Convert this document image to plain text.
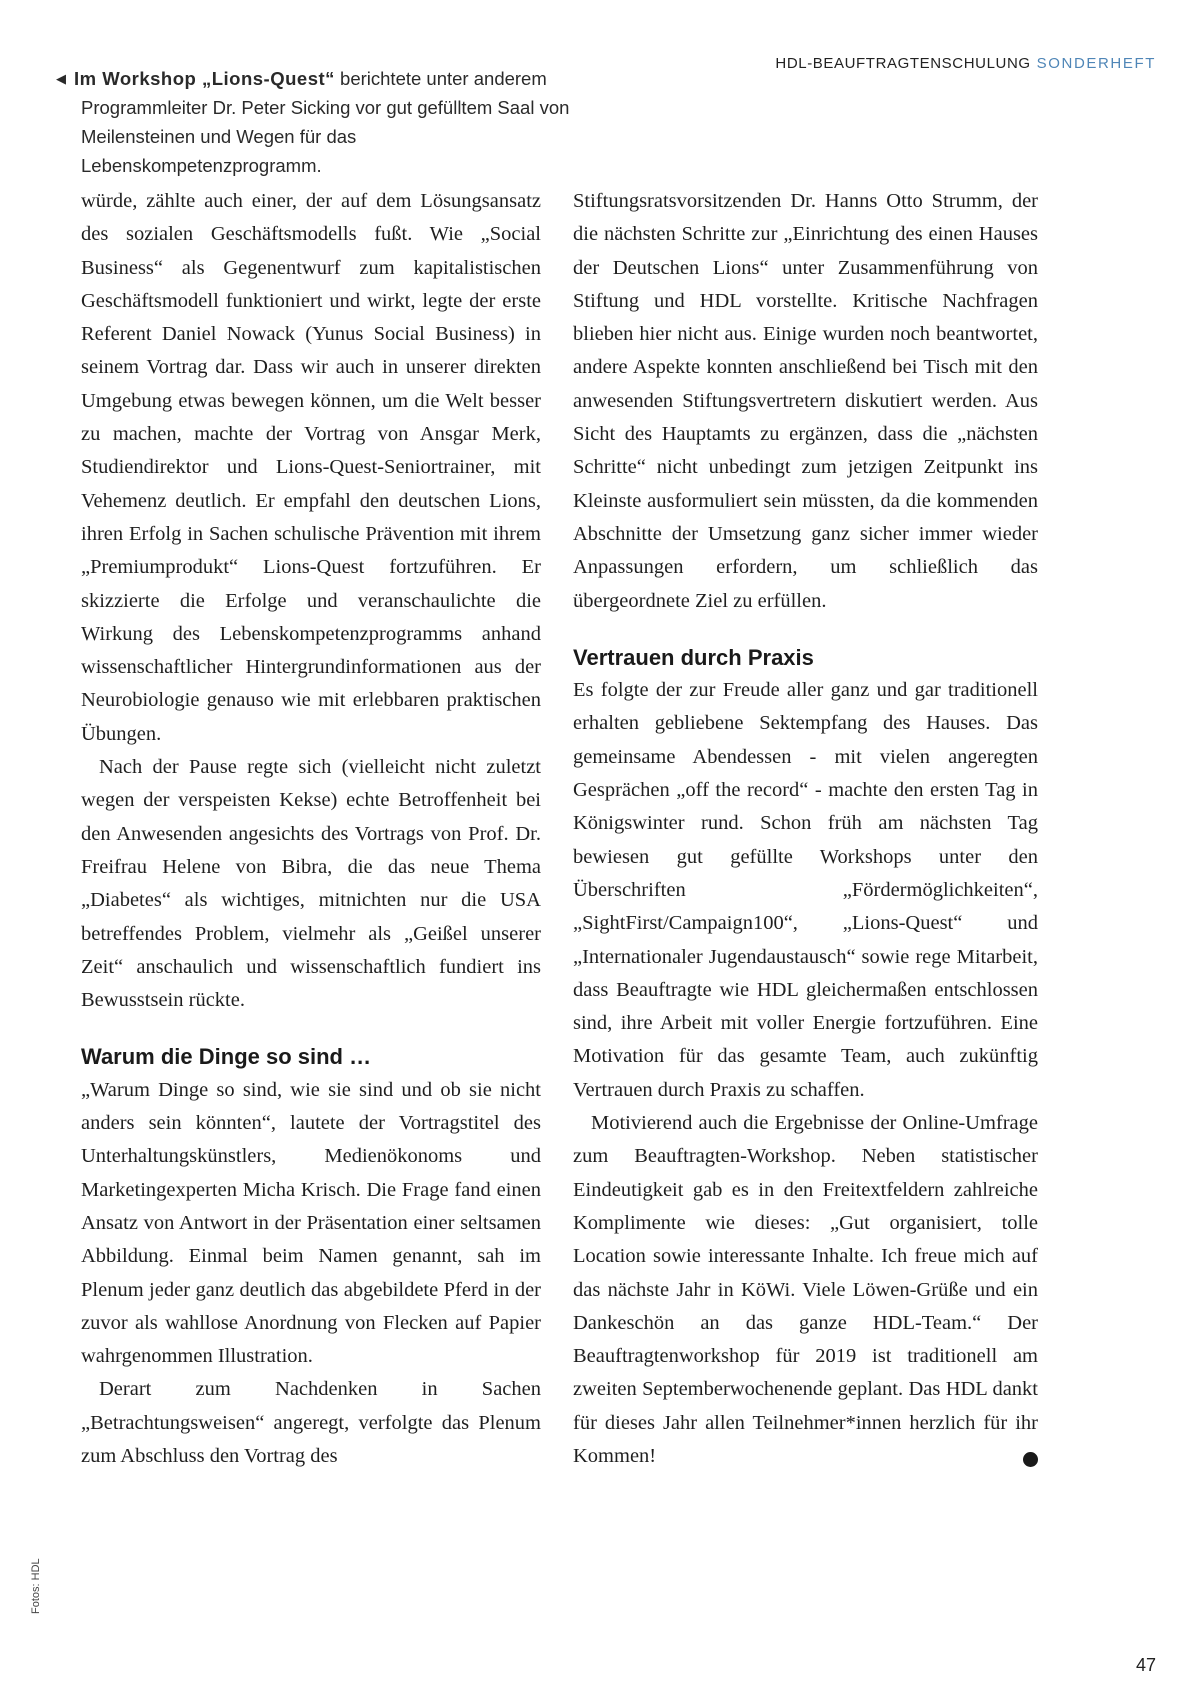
HDL-BEAUFTRAGTENSCHULUNG SONDERHEFT
◀ Im Workshop „Lions-Quest“ berichtete unter anderem
Programmleiter Dr. Peter Sicking vor gut gefülltem Saal von
Meilensteinen und Wegen für das Lebenskompetenzprogramm.

würde, zählte auch einer, der auf dem Lösungsansatz des sozialen Geschäftsmodells fußt. Wie „Social Business“ als Gegenentwurf zum kapitalistischen Geschäftsmodell funktioniert und wirkt, legte der erste Referent Daniel Nowack (Yunus Social Business) in seinem Vortrag dar. Dass wir auch in unserer direkten Umgebung etwas bewegen können, um die Welt besser zu machen, machte der Vortrag von Ansgar Merk, Studiendirektor und Lions-Quest-Seniortrainer, mit Vehemenz deutlich. Er empfahl den deutschen Lions, ihren Erfolg in Sachen schulische Prävention mit ihrem „Premiumprodukt“ Lions-Quest fortzuführen. Er skizzierte die Erfolge und veranschaulichte die Wirkung des Lebenskompetenzprogramms anhand wissenschaftlicher Hintergrundinformationen aus der Neurobiologie genauso wie mit erlebbaren praktischen Übungen.

Nach der Pause regte sich (vielleicht nicht zuletzt wegen der verspeisten Kekse) echte Betroffenheit bei den Anwesenden angesichts des Vortrags von Prof. Dr. Freifrau Helene von Bibra, die das neue Thema „Diabetes“ als wichtiges, mitnichten nur die USA betreffendes Problem, vielmehr als „Geißel unserer Zeit“ anschaulich und wissenschaftlich fundiert ins Bewusstsein rückte.

Warum die Dinge so sind …

„Warum Dinge so sind, wie sie sind und ob sie nicht anders sein könnten“, lautete der Vortragstitel des Unterhaltungskünstlers, Medienökonoms und Marketingexperten Micha Krisch. Die Frage fand einen Ansatz von Antwort in der Präsentation einer seltsamen Abbildung. Einmal beim Namen genannt, sah im Plenum jeder ganz deutlich das abgebildete Pferd in der zuvor als wahllose Anordnung von Flecken auf Papier wahrgenommen Illustration.

Derart zum Nachdenken in Sachen „Betrachtungsweisen“ angeregt, verfolgte das Plenum zum Abschluss den Vortrag des

Stiftungsratsvorsitzenden Dr. Hanns Otto Strumm, der die nächsten Schritte zur „Einrichtung des einen Hauses der Deutschen Lions“ unter Zusammenführung von Stiftung und HDL vorstellte. Kritische Nachfragen blieben hier nicht aus. Einige wurden noch beantwortet, andere Aspekte konnten anschließend bei Tisch mit den anwesenden Stiftungsvertretern diskutiert werden. Aus Sicht des Hauptamts zu ergänzen, dass die „nächsten Schritte“ nicht unbedingt zum jetzigen Zeitpunkt ins Kleinste ausformuliert sein müssten, da die kommenden Abschnitte der Umsetzung ganz sicher immer wieder Anpassungen erfordern, um schließlich das übergeordnete Ziel zu erfüllen.

Vertrauen durch Praxis

Es folgte der zur Freude aller ganz und gar traditionell erhalten gebliebene Sektempfang des Hauses. Das gemeinsame Abendessen - mit vielen angeregten Gesprächen „off the record“ - machte den ersten Tag in Königswinter rund. Schon früh am nächsten Tag bewiesen gut gefüllte Workshops unter den Überschriften „Fördermöglichkeiten“, „SightFirst/Campaign100“, „Lions-Quest“ und „Internationaler Jugendaustausch“ sowie rege Mitarbeit, dass Beauftragte wie HDL gleichermaßen entschlossen sind, ihre Arbeit mit voller Energie fortzuführen. Eine Motivation für das gesamte Team, auch zukünftig Vertrauen durch Praxis zu schaffen.

Motivierend auch die Ergebnisse der Online-Umfrage zum Beauftragten-Workshop. Neben statistischer Eindeutigkeit gab es in den Freitextfeldern zahlreiche Komplimente wie dieses: „Gut organisiert, tolle Location sowie interessante Inhalte. Ich freue mich auf das nächste Jahr in KöWi. Viele Löwen-Grüße und ein Dankeschön an das ganze HDL-Team.“ Der Beauftragtenworkshop für 2019 ist traditionell am zweiten Septemberwochenende geplant. Das HDL dankt für dieses Jahr allen Teilnehmer*innen herzlich für ihr Kommen!	L

Fotos: HDL
47
